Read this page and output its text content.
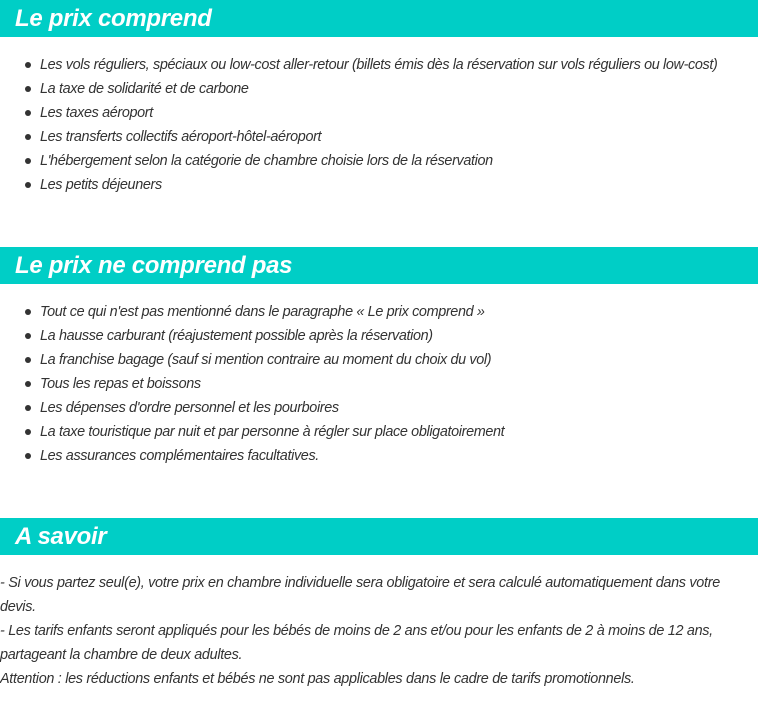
Le prix comprend
Les vols réguliers, spéciaux ou low-cost aller-retour (billets émis dès la réservation sur vols réguliers ou low-cost)
La taxe de solidarité et de carbone
Les taxes aéroport
Les transferts collectifs aéroport-hôtel-aéroport
L'hébergement selon la catégorie de chambre choisie lors de la réservation
Les petits déjeuners
Le prix ne comprend pas
Tout ce qui n'est pas mentionné dans le paragraphe « Le prix comprend »
La hausse carburant (réajustement possible après la réservation)
La franchise bagage (sauf si mention contraire au moment du choix du vol)
Tous les repas et boissons
Les dépenses d'ordre personnel et les pourboires
La taxe touristique par nuit et par personne à régler sur place obligatoirement
Les assurances complémentaires facultatives.
A savoir

- Si vous partez seul(e), votre prix en chambre individuelle sera obligatoire et sera calculé automatiquement dans votre devis.

- Les tarifs enfants seront appliqués pour les bébés de moins de 2 ans et/ou pour les enfants de 2 à moins de 12 ans, partageant la chambre de deux adultes.

Attention : les réductions enfants et bébés ne sont pas applicables dans le cadre de tarifs promotionnels.
